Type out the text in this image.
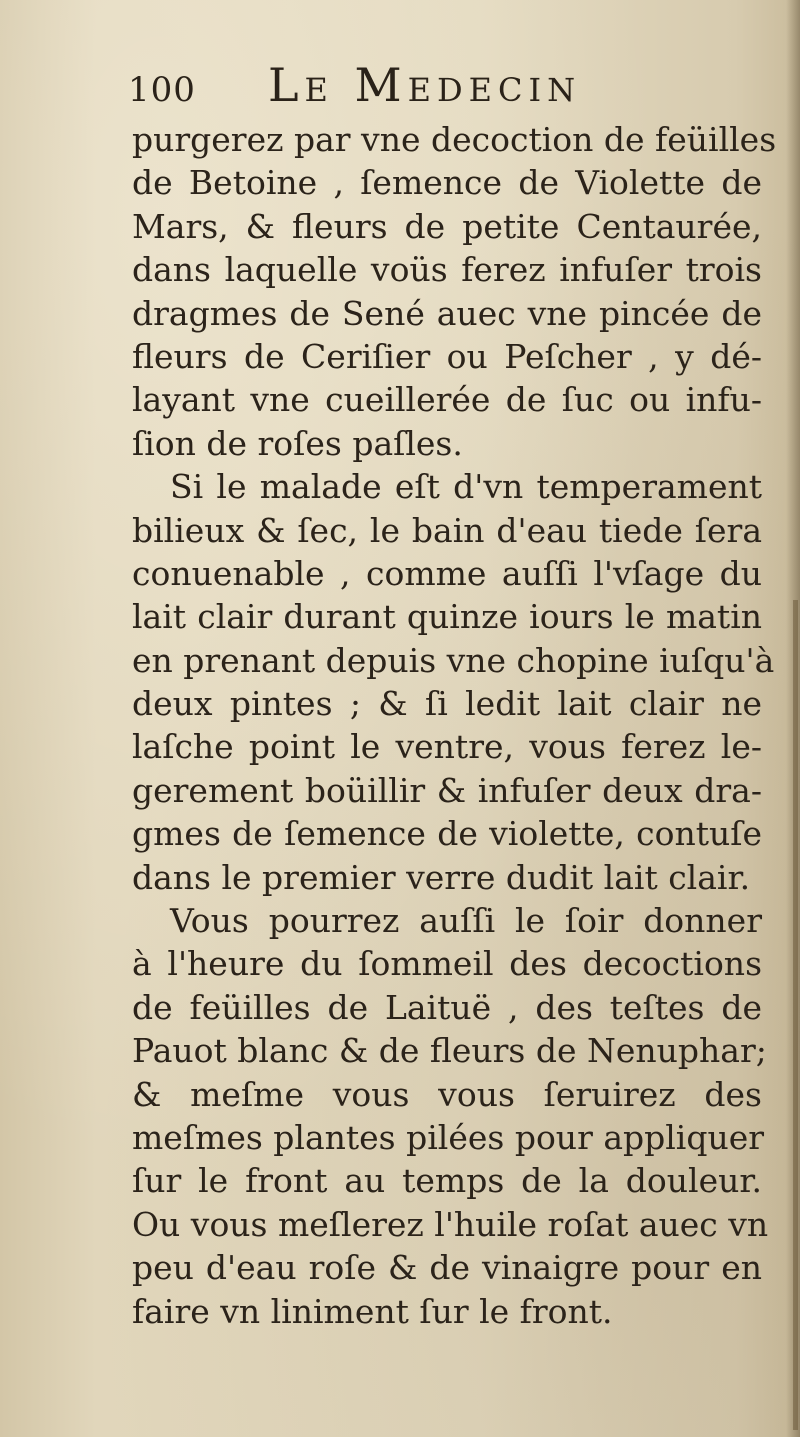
100 Le Medecin
purgerez par vne decoction de feüilles
de Betoine , ſemence de Violette de
Mars, & fleurs de petite Centaurée,
dans laquelle voüs ferez infuſer trois
dragmes de Sené auec vne pincée de
fleurs de Ceriſier ou Peſcher , y dé-
layant vne cueillerée de ſuc ou infu-
ſion de roſes paſles.
Si le malade eſt d'vn temperament
bilieux & ſec, le bain d'eau tiede ſera
conuenable , comme auſſi l'vſage du
lait clair durant quinze iours le matin
en prenant depuis vne chopine iuſqu'à
deux pintes ; & ſi ledit lait clair ne
laſche point le ventre, vous ferez le-
gerement boüillir & infuſer deux dra-
gmes de ſemence de violette, contuſe
dans le premier verre dudit lait clair.
Vous pourrez auſſi le ſoir donner
à l'heure du ſommeil des decoctions
de feüilles de Laituë , des teſtes de
Pauot blanc & de fleurs de Nenuphar;
& meſme vous vous ſeruirez des
meſmes plantes pilées pour appliquer
ſur le front au temps de la douleur.
Ou vous meſlerez l'huile roſat auec vn
peu d'eau roſe & de vinaigre pour en
faire vn liniment ſur le front.
